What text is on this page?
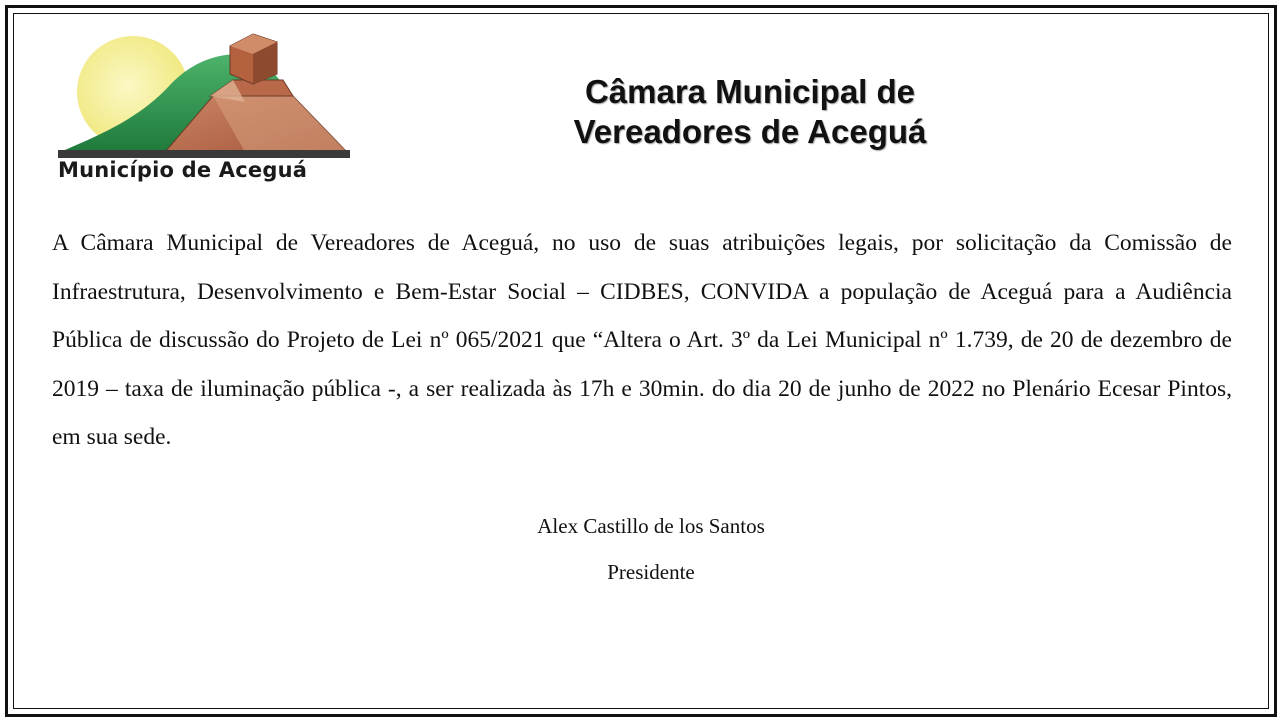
Município de Aceguá
Câmara Municipal de
Vereadores de Aceguá
A Câmara Municipal de Vereadores de Aceguá, no uso de suas atribuições legais, por solicitação da Comissão de Infraestrutura, Desenvolvimento e Bem-Estar Social – CIDBES, CONVIDA a população de Aceguá para a Audiência Pública de discussão do Projeto de Lei nº 065/2021 que “Altera o Art. 3º da Lei Municipal nº 1.739, de 20 de dezembro de 2019 – taxa de iluminação pública -, a ser realizada às 17h e 30min. do dia 20 de junho de 2022 no Plenário Ecesar Pintos, em sua sede.
Alex Castillo de los Santos
Presidente
